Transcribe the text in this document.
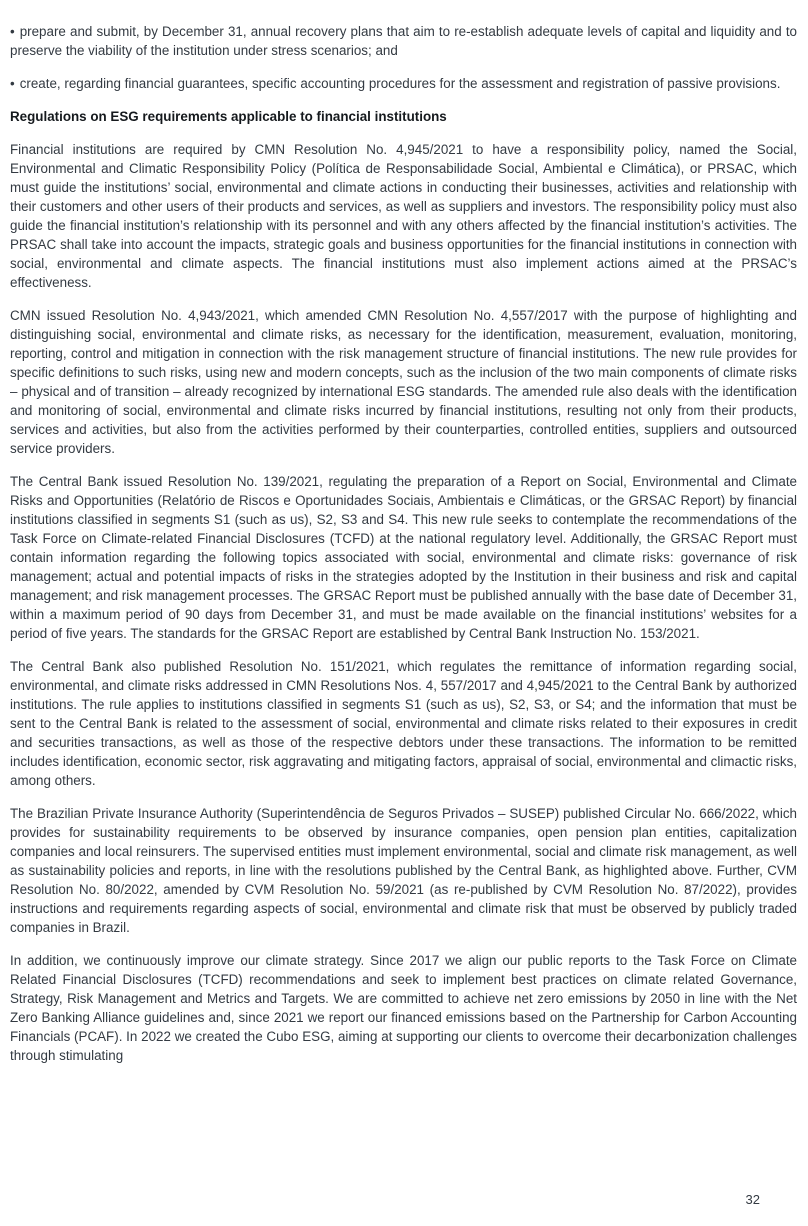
• prepare and submit, by December 31, annual recovery plans that aim to re-establish adequate levels of capital and liquidity and to preserve the viability of the institution under stress scenarios; and

• create, regarding financial guarantees, specific accounting procedures for the assessment and registration of passive provisions.

Regulations on ESG requirements applicable to financial institutions

Financial institutions are required by CMN Resolution No. 4,945/2021 to have a responsibility policy, named the Social, Environmental and Climatic Responsibility Policy (Política de Responsabilidade Social, Ambiental e Climática), or PRSAC, which must guide the institutions’ social, environmental and climate actions in conducting their businesses, activities and relationship with their customers and other users of their products and services, as well as suppliers and investors. The responsibility policy must also guide the financial institution’s relationship with its personnel and with any others affected by the financial institution’s activities. The PRSAC shall take into account the impacts, strategic goals and business opportunities for the financial institutions in connection with social, environmental and climate aspects. The financial institutions must also implement actions aimed at the PRSAC’s effectiveness.

CMN issued Resolution No. 4,943/2021, which amended CMN Resolution No. 4,557/2017 with the purpose of highlighting and distinguishing social, environmental and climate risks, as necessary for the identification, measurement, evaluation, monitoring, reporting, control and mitigation in connection with the risk management structure of financial institutions. The new rule provides for specific definitions to such risks, using new and modern concepts, such as the inclusion of the two main components of climate risks – physical and of transition – already recognized by international ESG standards. The amended rule also deals with the identification and monitoring of social, environmental and climate risks incurred by financial institutions, resulting not only from their products, services and activities, but also from the activities performed by their counterparties, controlled entities, suppliers and outsourced service providers.

The Central Bank issued Resolution No. 139/2021, regulating the preparation of a Report on Social, Environmental and Climate Risks and Opportunities (Relatório de Riscos e Oportunidades Sociais, Ambientais e Climáticas, or the GRSAC Report) by financial institutions classified in segments S1 (such as us), S2, S3 and S4. This new rule seeks to contemplate the recommendations of the Task Force on Climate-related Financial Disclosures (TCFD) at the national regulatory level. Additionally, the GRSAC Report must contain information regarding the following topics associated with social, environmental and climate risks: governance of risk management; actual and potential impacts of risks in the strategies adopted by the Institution in their business and risk and capital management; and risk management processes. The GRSAC Report must be published annually with the base date of December 31, within a maximum period of 90 days from December 31, and must be made available on the financial institutions’ websites for a period of five years. The standards for the GRSAC Report are established by Central Bank Instruction No. 153/2021.

The Central Bank also published Resolution No. 151/2021, which regulates the remittance of information regarding social, environmental, and climate risks addressed in CMN Resolutions Nos. 4, 557/2017 and 4,945/2021 to the Central Bank by authorized institutions. The rule applies to institutions classified in segments S1 (such as us), S2, S3, or S4; and the information that must be sent to the Central Bank is related to the assessment of social, environmental and climate risks related to their exposures in credit and securities transactions, as well as those of the respective debtors under these transactions. The information to be remitted includes identification, economic sector, risk aggravating and mitigating factors, appraisal of social, environmental and climactic risks, among others.

The Brazilian Private Insurance Authority (Superintendência de Seguros Privados – SUSEP) published Circular No. 666/2022, which provides for sustainability requirements to be observed by insurance companies, open pension plan entities, capitalization companies and local reinsurers. The supervised entities must implement environmental, social and climate risk management, as well as sustainability policies and reports, in line with the resolutions published by the Central Bank, as highlighted above. Further, CVM Resolution No. 80/2022, amended by CVM Resolution No. 59/2021 (as re-published by CVM Resolution No. 87/2022), provides instructions and requirements regarding aspects of social, environmental and climate risk that must be observed by publicly traded companies in Brazil.

In addition, we continuously improve our climate strategy. Since 2017 we align our public reports to the Task Force on Climate Related Financial Disclosures (TCFD) recommendations and seek to implement best practices on climate related Governance, Strategy, Risk Management and Metrics and Targets. We are committed to achieve net zero emissions by 2050 in line with the Net Zero Banking Alliance guidelines and, since 2021 we report our financed emissions based on the Partnership for Carbon Accounting Financials (PCAF). In 2022 we created the Cubo ESG, aiming at supporting our clients to overcome their decarbonization challenges through stimulating

32
